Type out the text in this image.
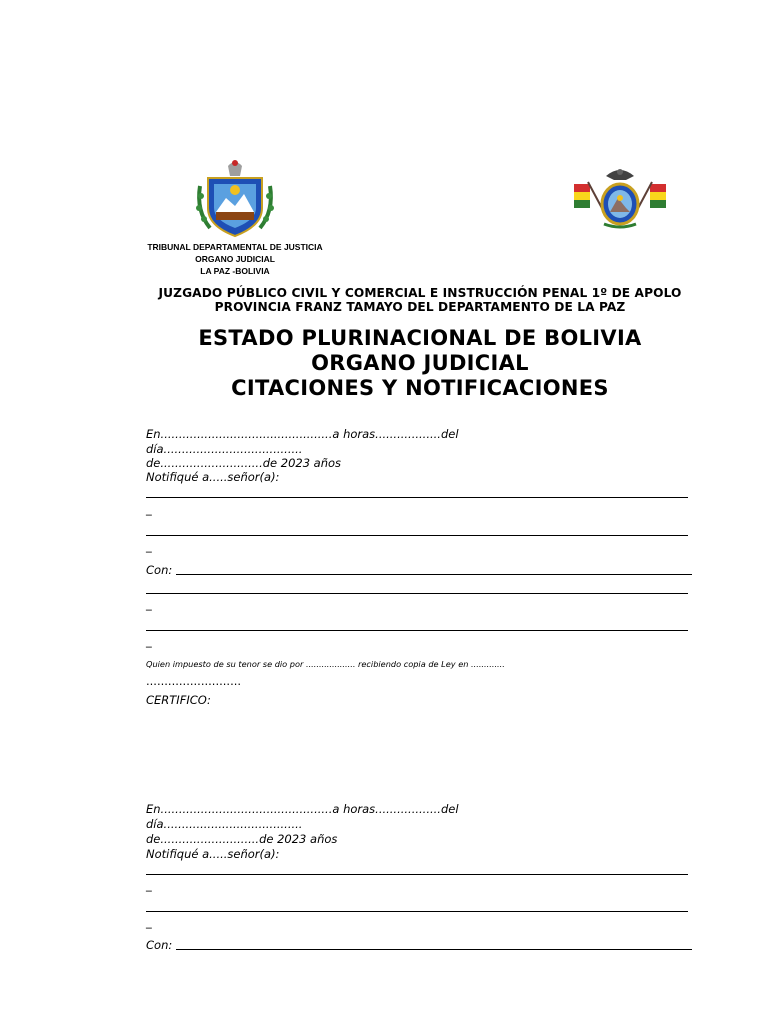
TRIBUNAL DEPARTAMENTAL DE JUSTICIA
ORGANO JUDICIAL
LA PAZ -BOLIVIA
JUZGADO PÚBLICO CIVIL Y COMERCIAL E INSTRUCCIÓN PENAL 1º DE APOLO
PROVINCIA FRANZ TAMAYO DEL DEPARTAMENTO DE LA PAZ
ESTADO PLURINACIONAL DE BOLIVIA
ORGANO JUDICIAL
CITACIONES Y NOTIFICACIONES
En...............................................a horas..................del
día......................................
de............................de 2023 años
Notifiqué a.....señor(a):
_
_
Con:
_
_
Quien impuesto de su tenor se dio por ................... recibiendo copia de Ley en .............
..........................
CERTIFICO:
En...............................................a horas..................del
día......................................
de...........................de 2023 años
Notifiqué a.....señor(a):
_
_
Con:
